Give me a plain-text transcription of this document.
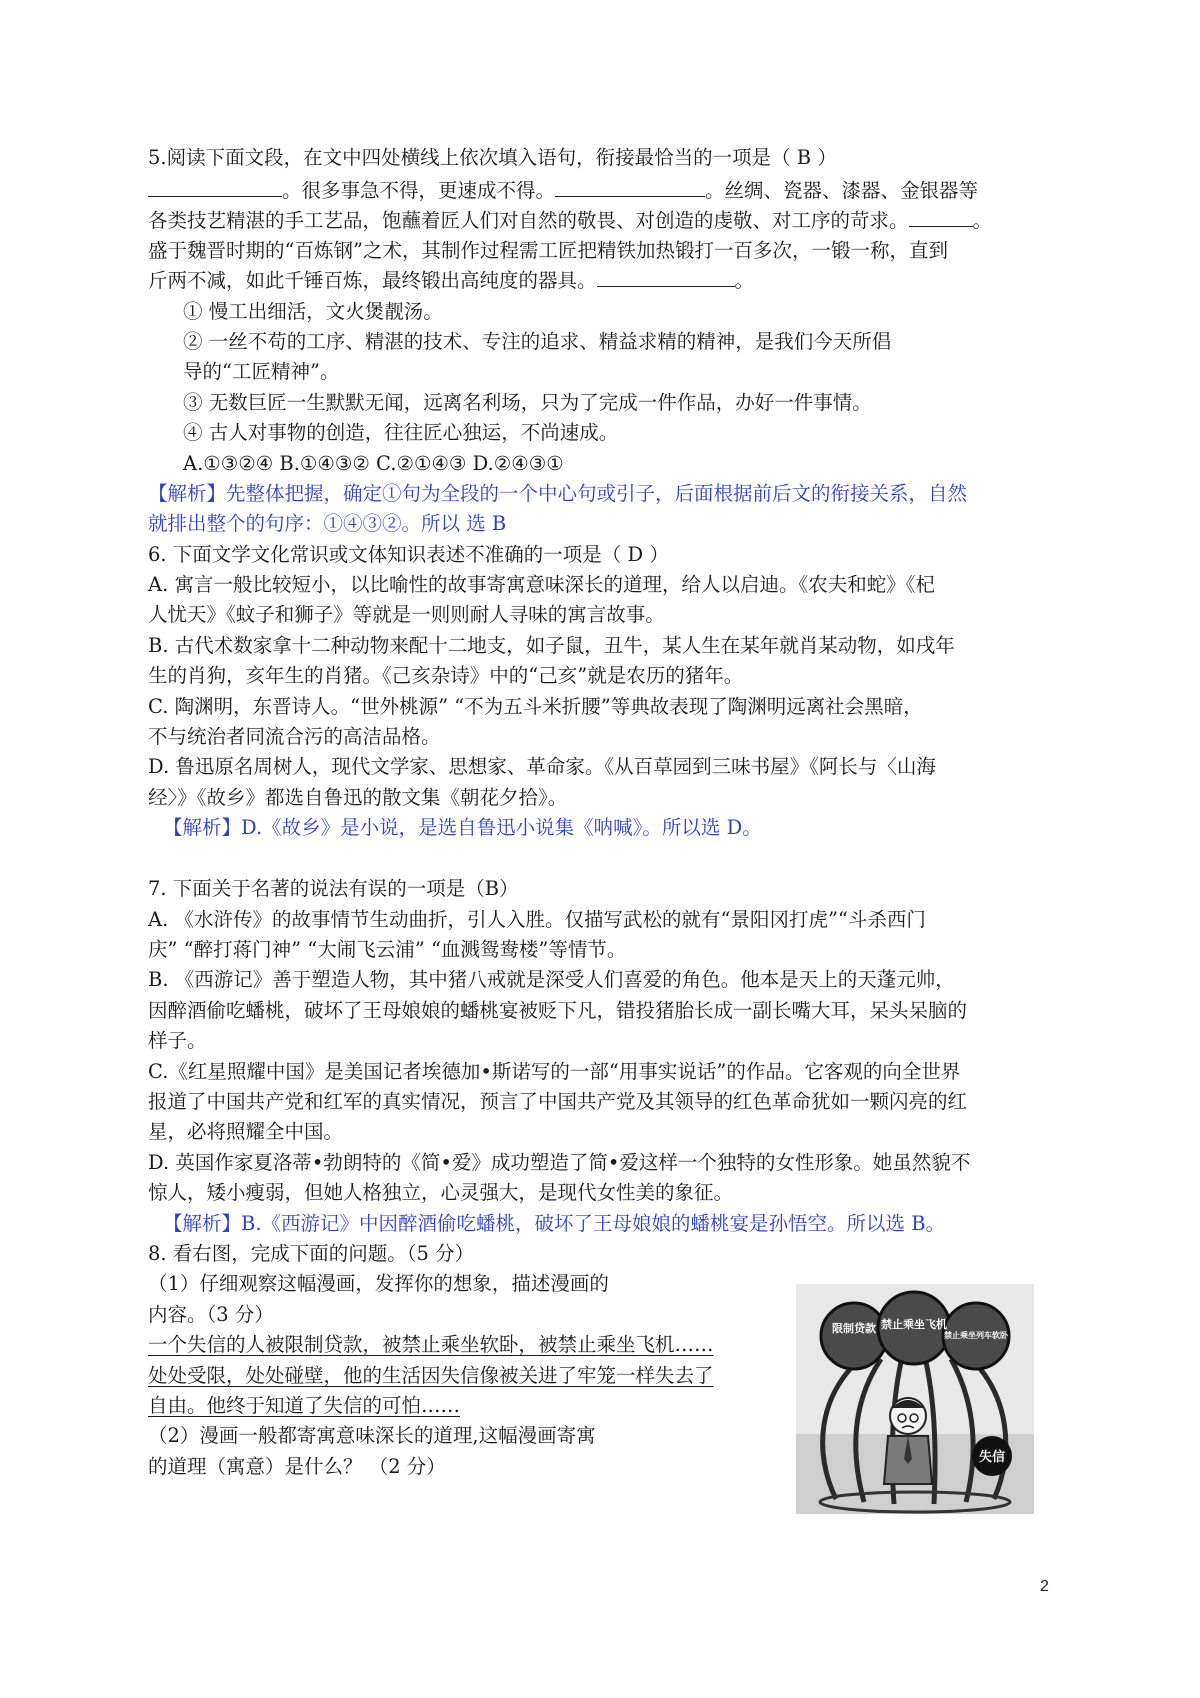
5.阅读下面文段，在文中四处横线上依次填入语句，衔接最恰当的一项是（ B ）
。很多事急不得，更速成不得。	。丝绸、瓷器、漆器、金银器等
各类技艺精湛的手工艺品，饱蘸着匠人们对自然的敬畏、对创造的虔敬、对工序的苛求。	。
盛于魏晋时期的“百炼钢”之术，其制作过程需工匠把精铁加热锻打一百多次，一锻一称，直到
斤两不减，如此千锤百炼，最终锻出高纯度的器具。	。
① 慢工出细活，文火煲靓汤。
② 一丝不苟的工序、精湛的技术、专注的追求、精益求精的精神，是我们今天所倡
导的“工匠精神”。
③ 无数巨匠一生默默无闻，远离名利场，只为了完成一件作品，办好一件事情。
④ 古人对事物的创造，往往匠心独运，不尚速成。
A.①③②④ B.①④③② C.②①④③ D.②④③①
【解析】先整体把握，确定①句为全段的一个中心句或引子，后面根据前后文的衔接关系，自然
就排出整个的句序：①④③②。所以 选 B
6. 下面文学文化常识或文体知识表述不准确的一项是（ D ）
A. 寓言一般比较短小，以比喻性的故事寄寓意味深长的道理，给人以启迪。《农夫和蛇》《杞
人忧天》《蚊子和狮子》等就是一则则耐人寻味的寓言故事。
B. 古代术数家拿十二种动物来配十二地支，如子鼠，丑牛，某人生在某年就肖某动物，如戌年
生的肖狗，亥年生的肖猪。《己亥杂诗》中的“己亥”就是农历的猪年。
C. 陶渊明，东晋诗人。“世外桃源” “不为五斗米折腰”等典故表现了陶渊明远离社会黑暗，
不与统治者同流合污的高洁品格。
D. 鲁迅原名周树人，现代文学家、思想家、革命家。《从百草园到三味书屋》《阿长与〈山海
经〉》《故乡》都选自鲁迅的散文集《朝花夕拾》。
【解析】D.《故乡》是小说，是选自鲁迅小说集《呐喊》。所以选 D。
7. 下面关于名著的说法有误的一项是（B）
A. 《水浒传》的故事情节生动曲折，引人入胜。仅描写武松的就有“景阳冈打虎”“斗杀西门
庆” “醉打蒋门神” “大闹飞云浦” “血溅鸳鸯楼”等情节。
B. 《西游记》善于塑造人物，其中猪八戒就是深受人们喜爱的角色。他本是天上的天蓬元帅，
因醉酒偷吃蟠桃，破坏了王母娘娘的蟠桃宴被贬下凡，错投猪胎长成一副长嘴大耳，呆头呆脑的
样子。
C.《红星照耀中国》是美国记者埃德加•斯诺写的一部“用事实说话”的作品。它客观的向全世界
报道了中国共产党和红军的真实情况，预言了中国共产党及其领导的红色革命犹如一颗闪亮的红
星，必将照耀全中国。
D. 英国作家夏洛蒂•勃朗特的《简•爱》成功塑造了简•爱这样一个独特的女性形象。她虽然貌不
惊人，矮小瘦弱，但她人格独立，心灵强大，是现代女性美的象征。
【解析】B.《西游记》中因醉酒偷吃蟠桃，破坏了王母娘娘的蟠桃宴是孙悟空。所以选 B。
8. 看右图，完成下面的问题。（5 分）
（1）仔细观察这幅漫画，发挥你的想象，描述漫画的
内容。（3 分）
一个失信的人被限制贷款，被禁止乘坐软卧，被禁止乘坐飞机……
处处受限，处处碰壁，他的生活因失信像被关进了牢笼一样失去了
自由。他终于知道了失信的可怕……
（2）漫画一般都寄寓意味深长的道理,这幅漫画寄寓
的道理（寓意）是什么？ （2 分）
限制贷款 禁止乘坐飞机
禁止乘坐列车软卧
失信
2
